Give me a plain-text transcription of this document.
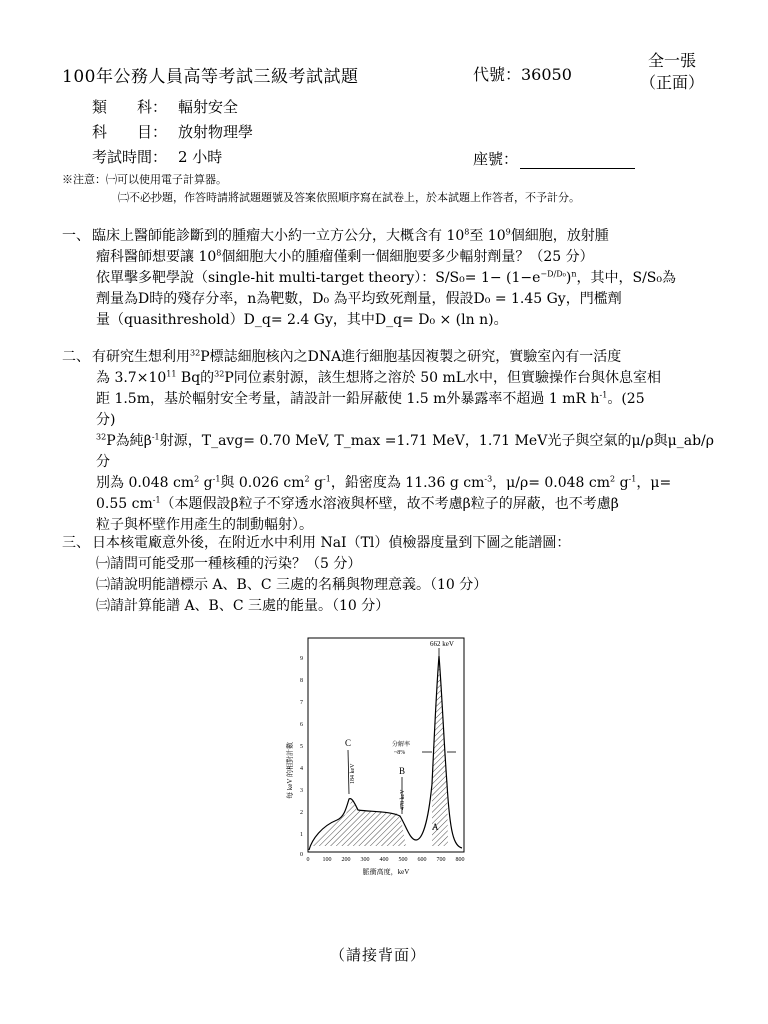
100年公務人員高等考試三級考試試題	代號：36050
全一張
（正面）
類　　科： 輻射安全
科　　目： 放射物理學
考試時間： 2 小時	座號：
※注意：㈠可以使用電子計算器。
㈡不必抄題，作答時請將試題題號及答案依照順序寫在試卷上，於本試題上作答者，不予計分。

一、 臨床上醫師能診斷到的腫瘤大小約一立方公分，大概含有 $10^8$至 $10^9$個細胞，放射腫

瘤科醫師想要讓 $10^8$個細胞大小的腫瘤僅剩一個細胞要多少輻射劑量？（25 分）

依單擊多靶學說（single-hit multi-target theory）：$S/S_0= 1- (1-e^{-D/D_0})^n$，其中，S/S₀為

劑量為D時的殘存分率，n為靶數，D₀ 為平均致死劑量，假設D₀ = 1.45 Gy，門檻劑

量（quasithreshold）D_q= 2.4 Gy，其中D_q= D₀ × (ln n)。

二、 有研究生想利用$^{32}$P標誌細胞核內之DNA進行細胞基因複製之研究，實驗室內有一活度

為 $3.7\times 10^{11}$ Bq的$^{32}$P同位素射源，該生想將之溶於 50 mL水中，但實驗操作台與休息室相

距 1.5m，基於輻射安全考量，請設計一鉛屏蔽使 1.5 m外暴露率不超過 1 mR $h^{-1}$。(25

分)

$^{32}$P為純$\beta^{-1}$射源，T_avg= 0.70 MeV, T_max =1.71 MeV，1.71 MeV光子與空氣的μ/ρ與μ_ab/ρ分

別為 0.048 $cm^2$ $g^{-1}$與 0.026 $cm^2$ $g^{-1}$，鉛密度為 11.36 g $cm^{-3}$，μ/ρ= 0.048 $cm^2$ $g^{-1}$，μ=

0.55 $cm^{-1}$（本題假設β粒子不穿透水溶液與杯壁，故不考慮β粒子的屏蔽，也不考慮β

粒子與杯壁作用產生的制動輻射）。

三、 日本核電廠意外後，在附近水中利用 NaI（Tl）偵檢器度量到下圖之能譜圖：

㈠請問可能受那一種核種的污染？（5 分）

㈡請說明能譜標示 A、B、C 三處的名稱與物理意義。（10 分）

㈢請計算能譜 A、B、C 三處的能量。（10 分）

9
8
7
6
5
4
3
2
1
0
0 100 200 300 400 500 600 700 800
每 keV 的相對計數
脈衝高度，keV
662 keV
C
184 keV	B
478 keV
分解率
~8%
A
（請接背面）
